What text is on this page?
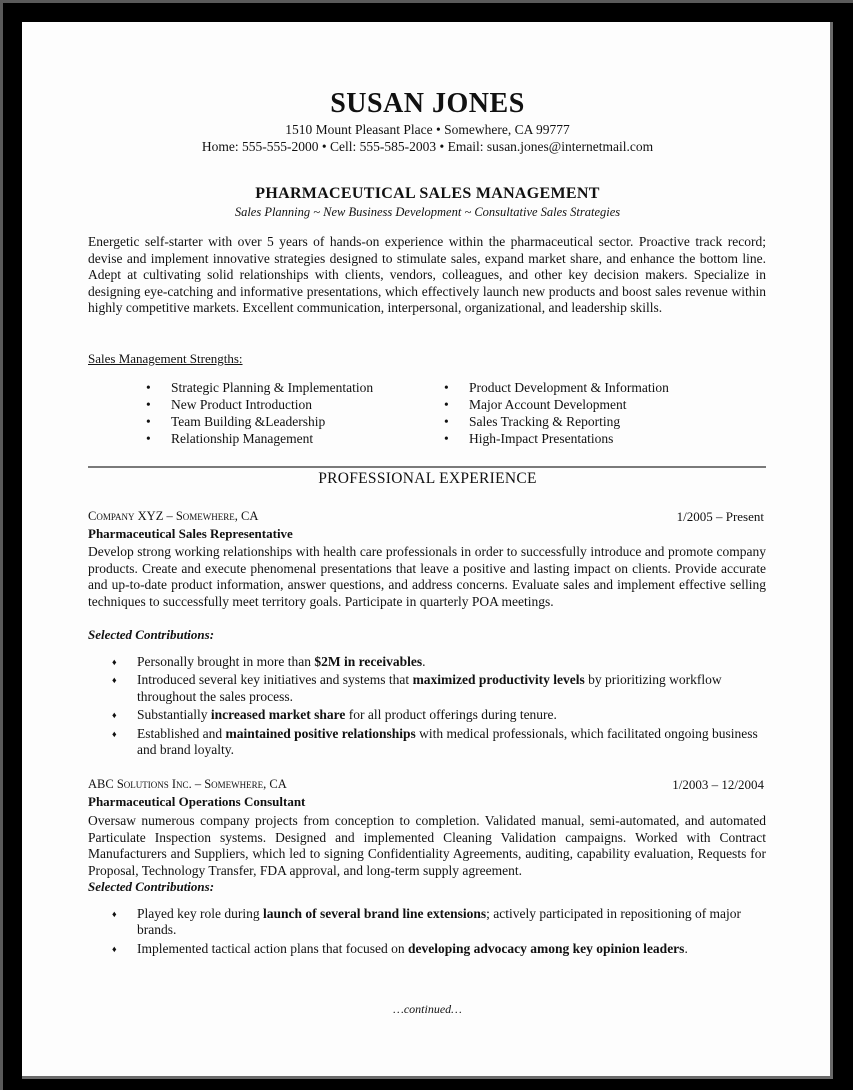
SUSAN JONES
1510 Mount Pleasant Place • Somewhere, CA 99777
Home: 555-555-2000 • Cell: 555-585-2003 • Email: susan.jones@internetmail.com
PHARMACEUTICAL SALES MANAGEMENT
Sales Planning ~ New Business Development ~ Consultative Sales Strategies
Energetic self-starter with over 5 years of hands-on experience within the pharmaceutical sector. Proactive track record; devise and implement innovative strategies designed to stimulate sales, expand market share, and enhance the bottom line. Adept at cultivating solid relationships with clients, vendors, colleagues, and other key decision makers. Specialize in designing eye-catching and informative presentations, which effectively launch new products and boost sales revenue within highly competitive markets. Excellent communication, interpersonal, organizational, and leadership skills.
Sales Management Strengths:
• Strategic Planning & Implementation
• New Product Introduction
• Team Building &Leadership
• Relationship Management
• Product Development & Information
• Major Account Development
• Sales Tracking & Reporting
• High-Impact Presentations
PROFESSIONAL EXPERIENCE
Company XYZ – Somewhere, CA	1/2005 – Present
Pharmaceutical Sales Representative
Develop strong working relationships with health care professionals in order to successfully introduce and promote company products. Create and execute phenomenal presentations that leave a positive and lasting impact on clients. Provide accurate and up-to-date product information, answer questions, and address concerns. Evaluate sales and implement effective selling techniques to successfully meet territory goals. Participate in quarterly POA meetings.
Selected Contributions:
♦ Personally brought in more than $2M in receivables.
♦ Introduced several key initiatives and systems that maximized productivity levels by prioritizing workflow throughout the sales process.
♦ Substantially increased market share for all product offerings during tenure.
♦ Established and maintained positive relationships with medical professionals, which facilitated ongoing business and brand loyalty.
ABC Solutions Inc. – Somewhere, CA	1/2003 – 12/2004
Pharmaceutical Operations Consultant
Oversaw numerous company projects from conception to completion. Validated manual, semi-automated, and automated Particulate Inspection systems. Designed and implemented Cleaning Validation campaigns. Worked with Contract Manufacturers and Suppliers, which led to signing Confidentiality Agreements, auditing, capability evaluation, Requests for Proposal, Technology Transfer, FDA approval, and long-term supply agreement.
Selected Contributions:
♦ Played key role during launch of several brand line extensions; actively participated in repositioning of major brands.
♦ Implemented tactical action plans that focused on developing advocacy among key opinion leaders.
…continued…
